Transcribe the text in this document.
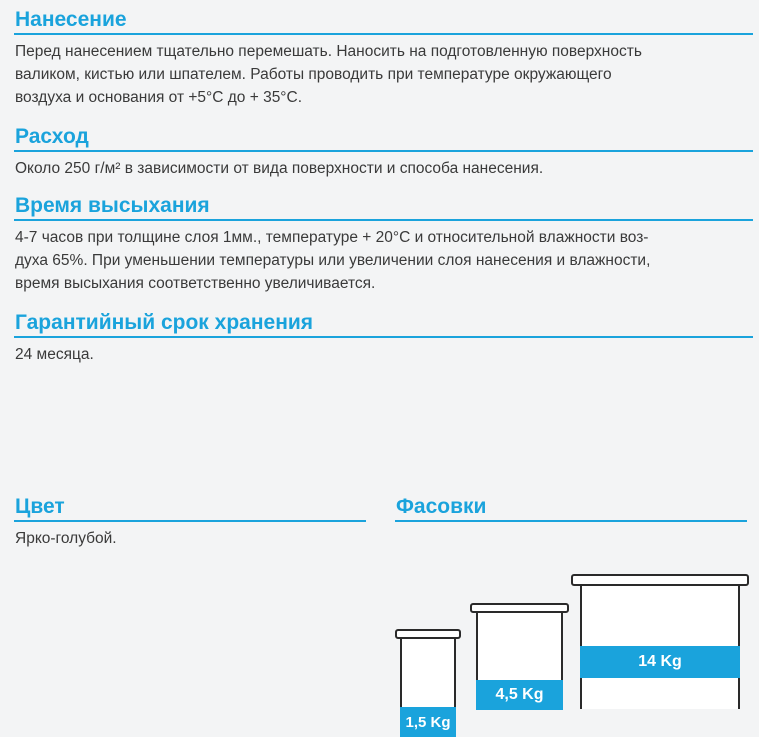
Нанесение
Перед нанесением тщательно перемешать. Наносить на подготовленную поверхность
валиком, кистью или шпателем. Работы проводить при температуре окружающего
воздуха и основания от +5°С до + 35°С.
Расход
Около 250 г/м² в зависимости от вида поверхности и способа нанесения.
Время высыхания
4-7 часов при толщине слоя 1мм., температуре + 20°С и относительной влажности воз-
духа 65%. При уменьшении температуры или увеличении слоя нанесения и влажности,
время высыхания соответственно увеличивается.
Гарантийный срок хранения
24 месяца.
Цвет
Ярко-голубой.
Фасовки
1,5 Kg
4,5 Kg
14 Kg
